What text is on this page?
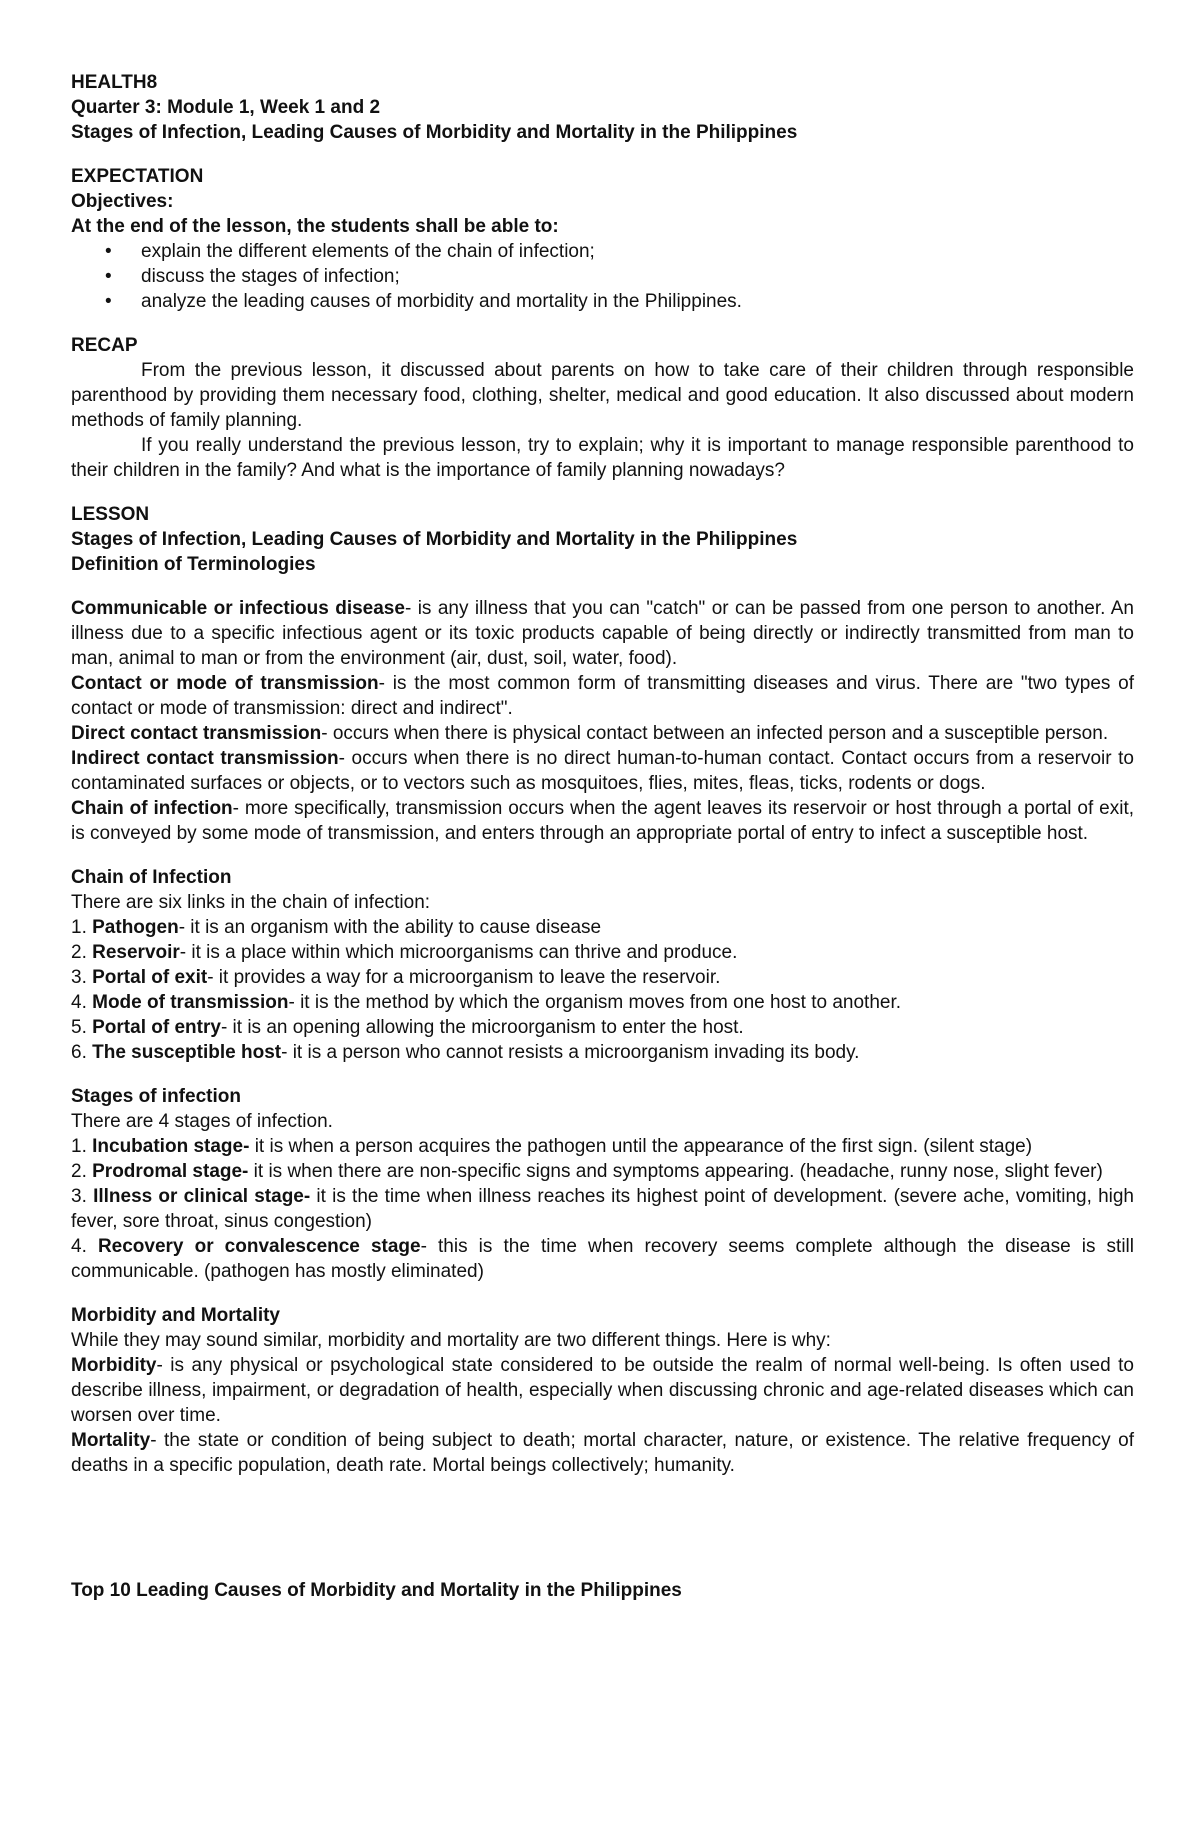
HEALTH8
Quarter 3: Module 1, Week 1 and 2
Stages of Infection, Leading Causes of Morbidity and Mortality in the Philippines
EXPECTATION
Objectives:
At the end of the lesson, the students shall be able to:
• explain the different elements of the chain of infection;
• discuss the stages of infection;
• analyze the leading causes of morbidity and mortality in the Philippines.
RECAP

From the previous lesson, it discussed about parents on how to take care of their children through responsible parenthood by providing them necessary food, clothing, shelter, medical and good education. It also discussed about modern methods of family planning.

If you really understand the previous lesson, try to explain; why it is important to manage responsible parenthood to their children in the family? And what is the importance of family planning nowadays?

LESSON
Stages of Infection, Leading Causes of Morbidity and Mortality in the Philippines
Definition of Terminologies

Communicable or infectious disease- is any illness that you can "catch" or can be passed from one person to another. An illness due to a specific infectious agent or its toxic products capable of being directly or indirectly transmitted from man to man, animal to man or from the environment (air, dust, soil, water, food).

Contact or mode of transmission- is the most common form of transmitting diseases and virus. There are "two types of contact or mode of transmission: direct and indirect".

Direct contact transmission- occurs when there is physical contact between an infected person and a susceptible person.

Indirect contact transmission- occurs when there is no direct human-to-human contact. Contact occurs from a reservoir to contaminated surfaces or objects, or to vectors such as mosquitoes, flies, mites, fleas, ticks, rodents or dogs.

Chain of infection- more specifically, transmission occurs when the agent leaves its reservoir or host through a portal of exit, is conveyed by some mode of transmission, and enters through an appropriate portal of entry to infect a susceptible host.

Chain of Infection
There are six links in the chain of infection:
1. Pathogen- it is an organism with the ability to cause disease
2. Reservoir- it is a place within which microorganisms can thrive and produce.
3. Portal of exit- it provides a way for a microorganism to leave the reservoir.
4. Mode of transmission- it is the method by which the organism moves from one host to another.
5. Portal of entry- it is an opening allowing the microorganism to enter the host.
6. The susceptible host- it is a person who cannot resists a microorganism invading its body.
Stages of infection
There are 4 stages of infection.
1. Incubation stage- it is when a person acquires the pathogen until the appearance of the first sign. (silent stage)
2. Prodromal stage- it is when there are non-specific signs and symptoms appearing. (headache, runny nose, slight fever)
3. Illness or clinical stage- it is the time when illness reaches its highest point of development. (severe ache, vomiting, high fever, sore throat, sinus congestion)
4. Recovery or convalescence stage- this is the time when recovery seems complete although the disease is still communicable. (pathogen has mostly eliminated)
Morbidity and Mortality
While they may sound similar, morbidity and mortality are two different things. Here is why:

Morbidity- is any physical or psychological state considered to be outside the realm of normal well-being. Is often used to describe illness, impairment, or degradation of health, especially when discussing chronic and age-related diseases which can worsen over time.

Mortality- the state or condition of being subject to death; mortal character, nature, or existence. The relative frequency of deaths in a specific population, death rate. Mortal beings collectively; humanity.

Top 10 Leading Causes of Morbidity and Mortality in the Philippines
